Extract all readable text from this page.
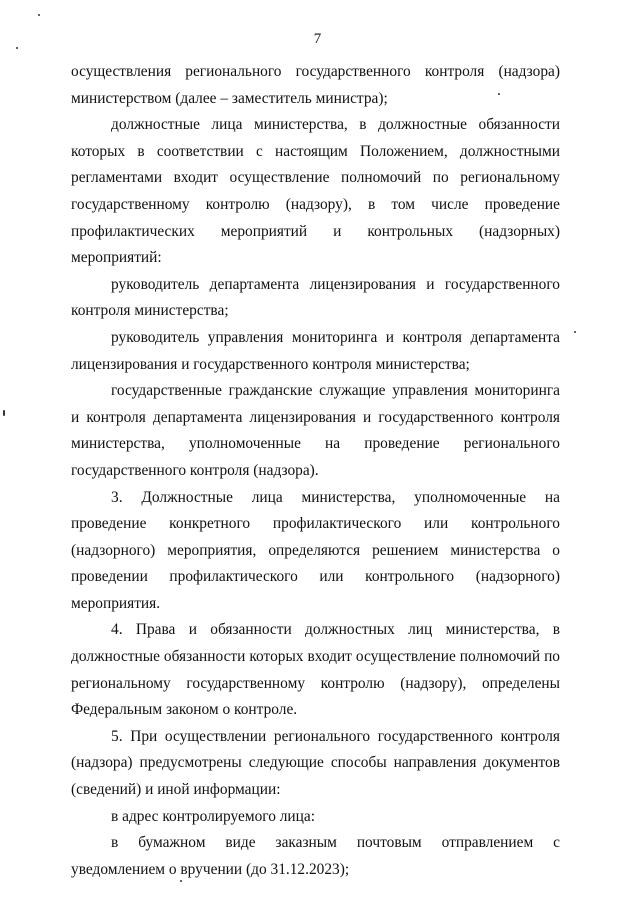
7

осуществления регионального государственного контроля (надзора) министерством (далее – заместитель министра);

должностные лица министерства, в должностные обязанности которых в соответствии с настоящим Положением, должностными регламентами входит осуществление полномочий по региональному государственному контролю (надзору), в том числе проведение профилактических мероприятий и контрольных (надзорных) мероприятий:

руководитель департамента лицензирования и государственного контроля министерства;

руководитель управления мониторинга и контроля департамента лицензирования и государственного контроля министерства;

государственные гражданские служащие управления мониторинга и контроля департамента лицензирования и государственного контроля министерства, уполномоченные на проведение регионального государственного контроля (надзора).

3. Должностные лица министерства, уполномоченные на проведение конкретного профилактического или контрольного (надзорного) мероприятия, определяются решением министерства о проведении профилактического или контрольного (надзорного) мероприятия.

4. Права и обязанности должностных лиц министерства, в должностные обязанности которых входит осуществление полномочий по региональному государственному контролю (надзору), определены Федеральным законом о контроле.

5. При осуществлении регионального государственного контроля (надзора) предусмотрены следующие способы направления документов (сведений) и иной информации:

в адрес контролируемого лица:

в бумажном виде заказным почтовым отправлением с уведомлением о вручении (до 31.12.2023);
